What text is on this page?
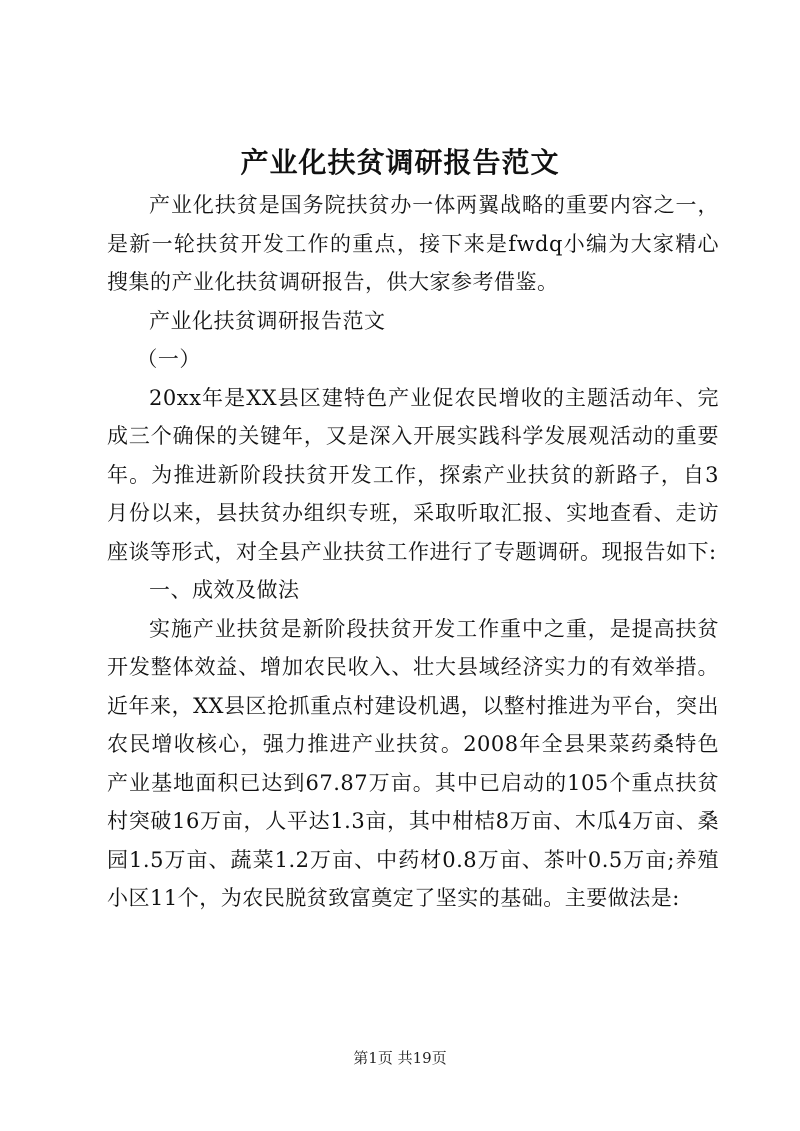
产业化扶贫调研报告范文

产业化扶贫是国务院扶贫办一体两翼战略的重要内容之一，是新一轮扶贫开发工作的重点，接下来是fwdq小编为大家精心搜集的产业化扶贫调研报告，供大家参考借鉴。

产业化扶贫调研报告范文

（一）

20xx年是XX县区建特色产业促农民增收的主题活动年、完成三个确保的关键年，又是深入开展实践科学发展观活动的重要年。为推进新阶段扶贫开发工作，探索产业扶贫的新路子，自3月份以来，县扶贫办组织专班，采取听取汇报、实地查看、走访座谈等形式，对全县产业扶贫工作进行了专题调研。现报告如下:

一、成效及做法

实施产业扶贫是新阶段扶贫开发工作重中之重，是提高扶贫开发整体效益、增加农民收入、壮大县域经济实力的有效举措。近年来，XX县区抢抓重点村建设机遇，以整村推进为平台，突出农民增收核心，强力推进产业扶贫。2008年全县果菜药桑特色产业基地面积已达到67.87万亩。其中已启动的105个重点扶贫村突破16万亩，人平达1.3亩，其中柑桔8万亩、木瓜4万亩、桑园1.5万亩、蔬菜1.2万亩、中药材0.8万亩、茶叶0.5万亩;养殖小区11个，为农民脱贫致富奠定了坚实的基础。主要做法是:

第1页 共19页
